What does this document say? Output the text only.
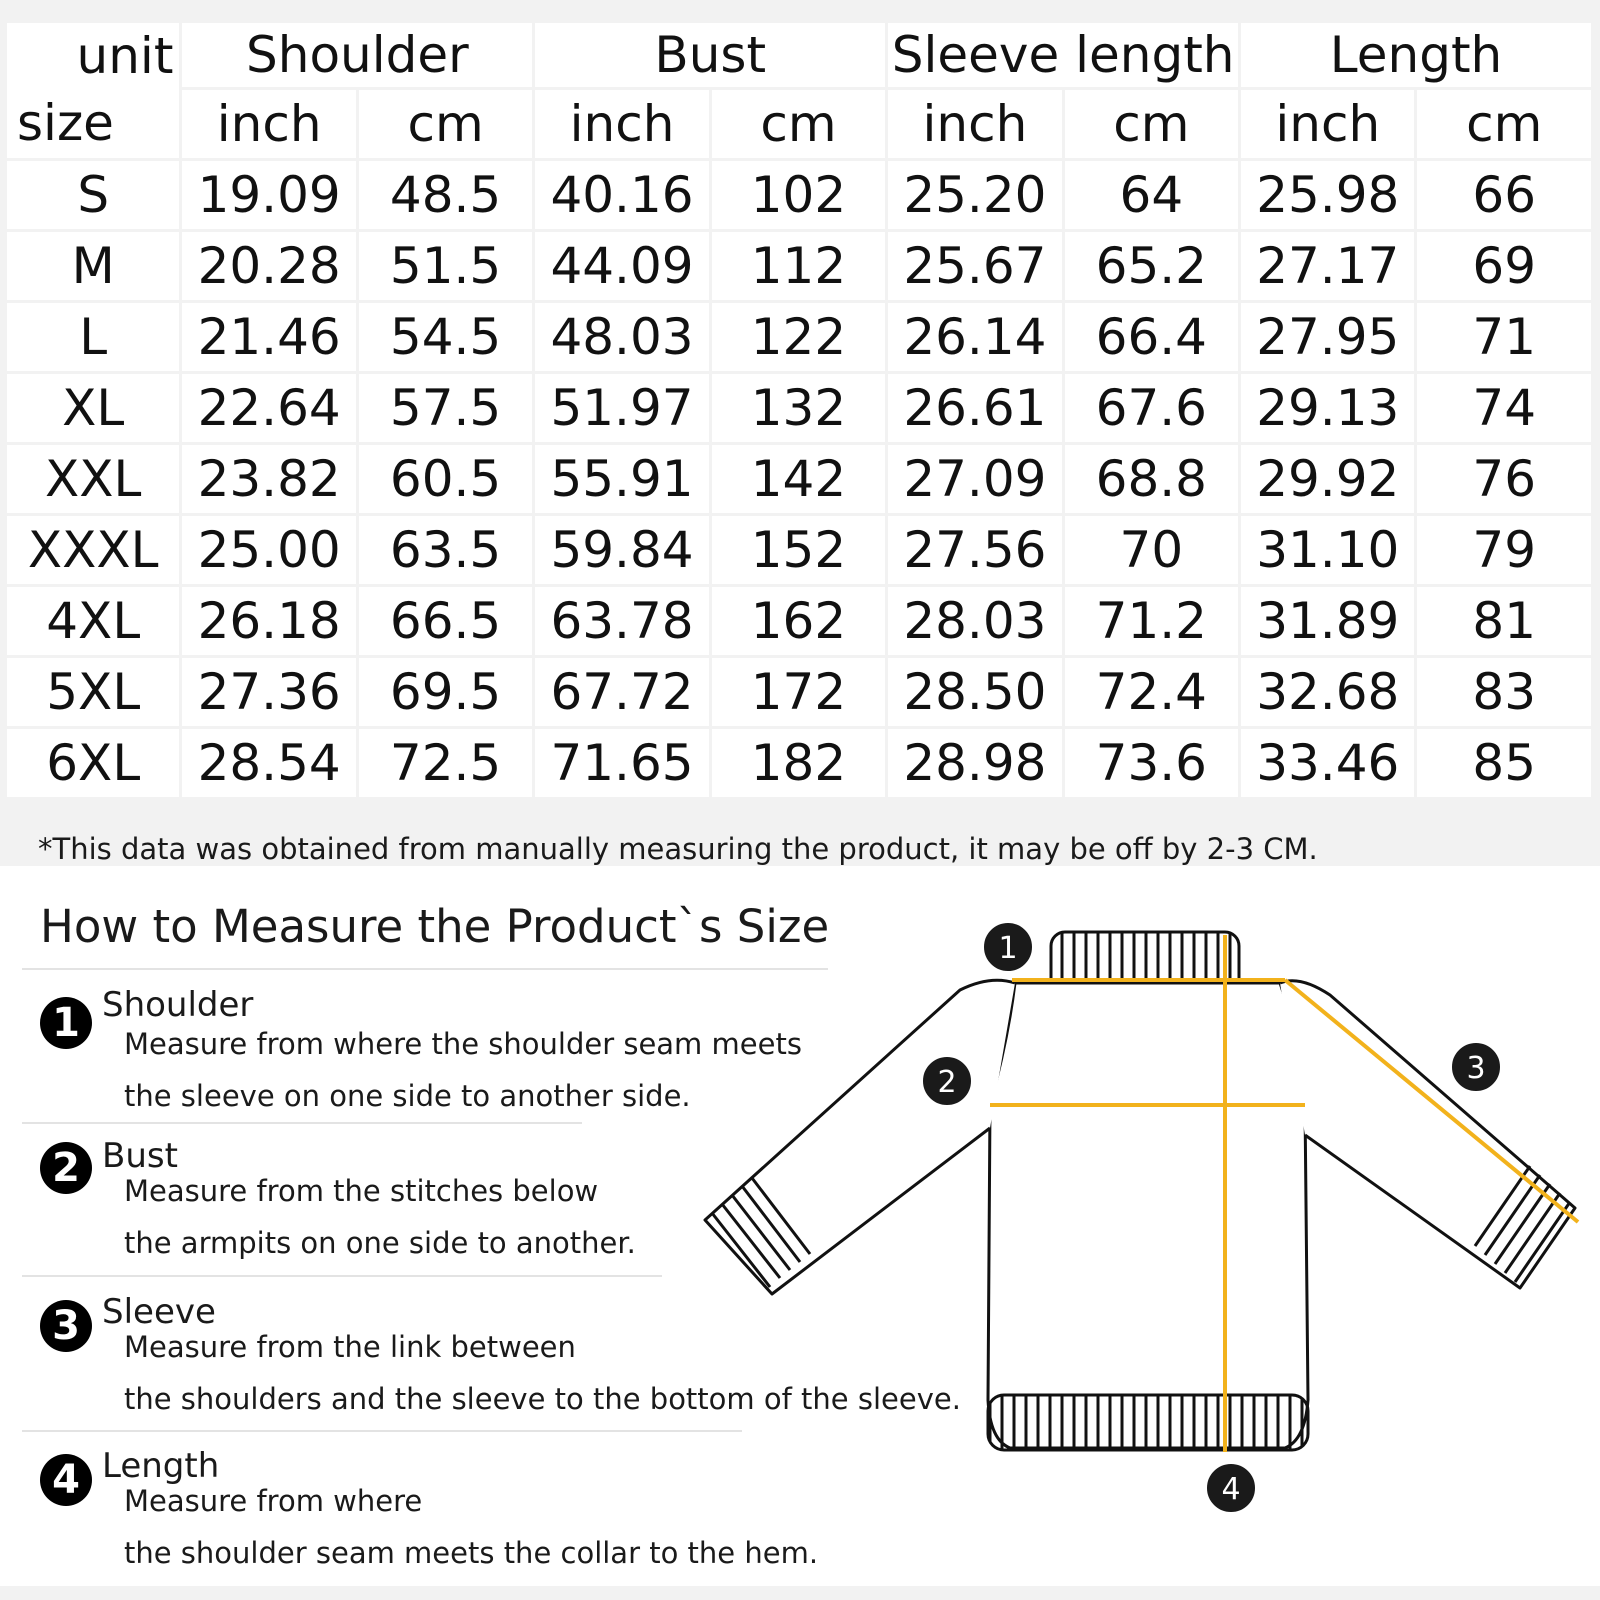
unit
size	Shoulder		Bust		Sleeve length		Length	
	inch	cm	inch	cm	inch	cm	inch	cm
S	19.09	48.5	40.16	102	25.20	64	25.98	66
M	20.28	51.5	44.09	112	25.67	65.2	27.17	69
L	21.46	54.5	48.03	122	26.14	66.4	27.95	71
XL	22.64	57.5	51.97	132	26.61	67.6	29.13	74
XXL	23.82	60.5	55.91	142	27.09	68.8	29.92	76
XXXL	25.00	63.5	59.84	152	27.56	70	31.10	79
4XL	26.18	66.5	63.78	162	28.03	71.2	31.89	81
5XL	27.36	69.5	67.72	172	28.50	72.4	32.68	83
6XL	28.54	72.5	71.65	182	28.98	73.6	33.46	85
*This data was obtained from manually measuring the product, it may be off by 2-3 CM.
How to Measure the Product`s Size
1 Shoulder
Measure from where the shoulder seam meets
the sleeve on one side to another side.
2 Bust
Measure from the stitches below
the armpits on one side to another.
3 Sleeve
Measure from the link between
the shoulders and the sleeve to the bottom of the sleeve.
4 Length
Measure from where
the shoulder seam meets the collar to the hem.
1
2	3
4
